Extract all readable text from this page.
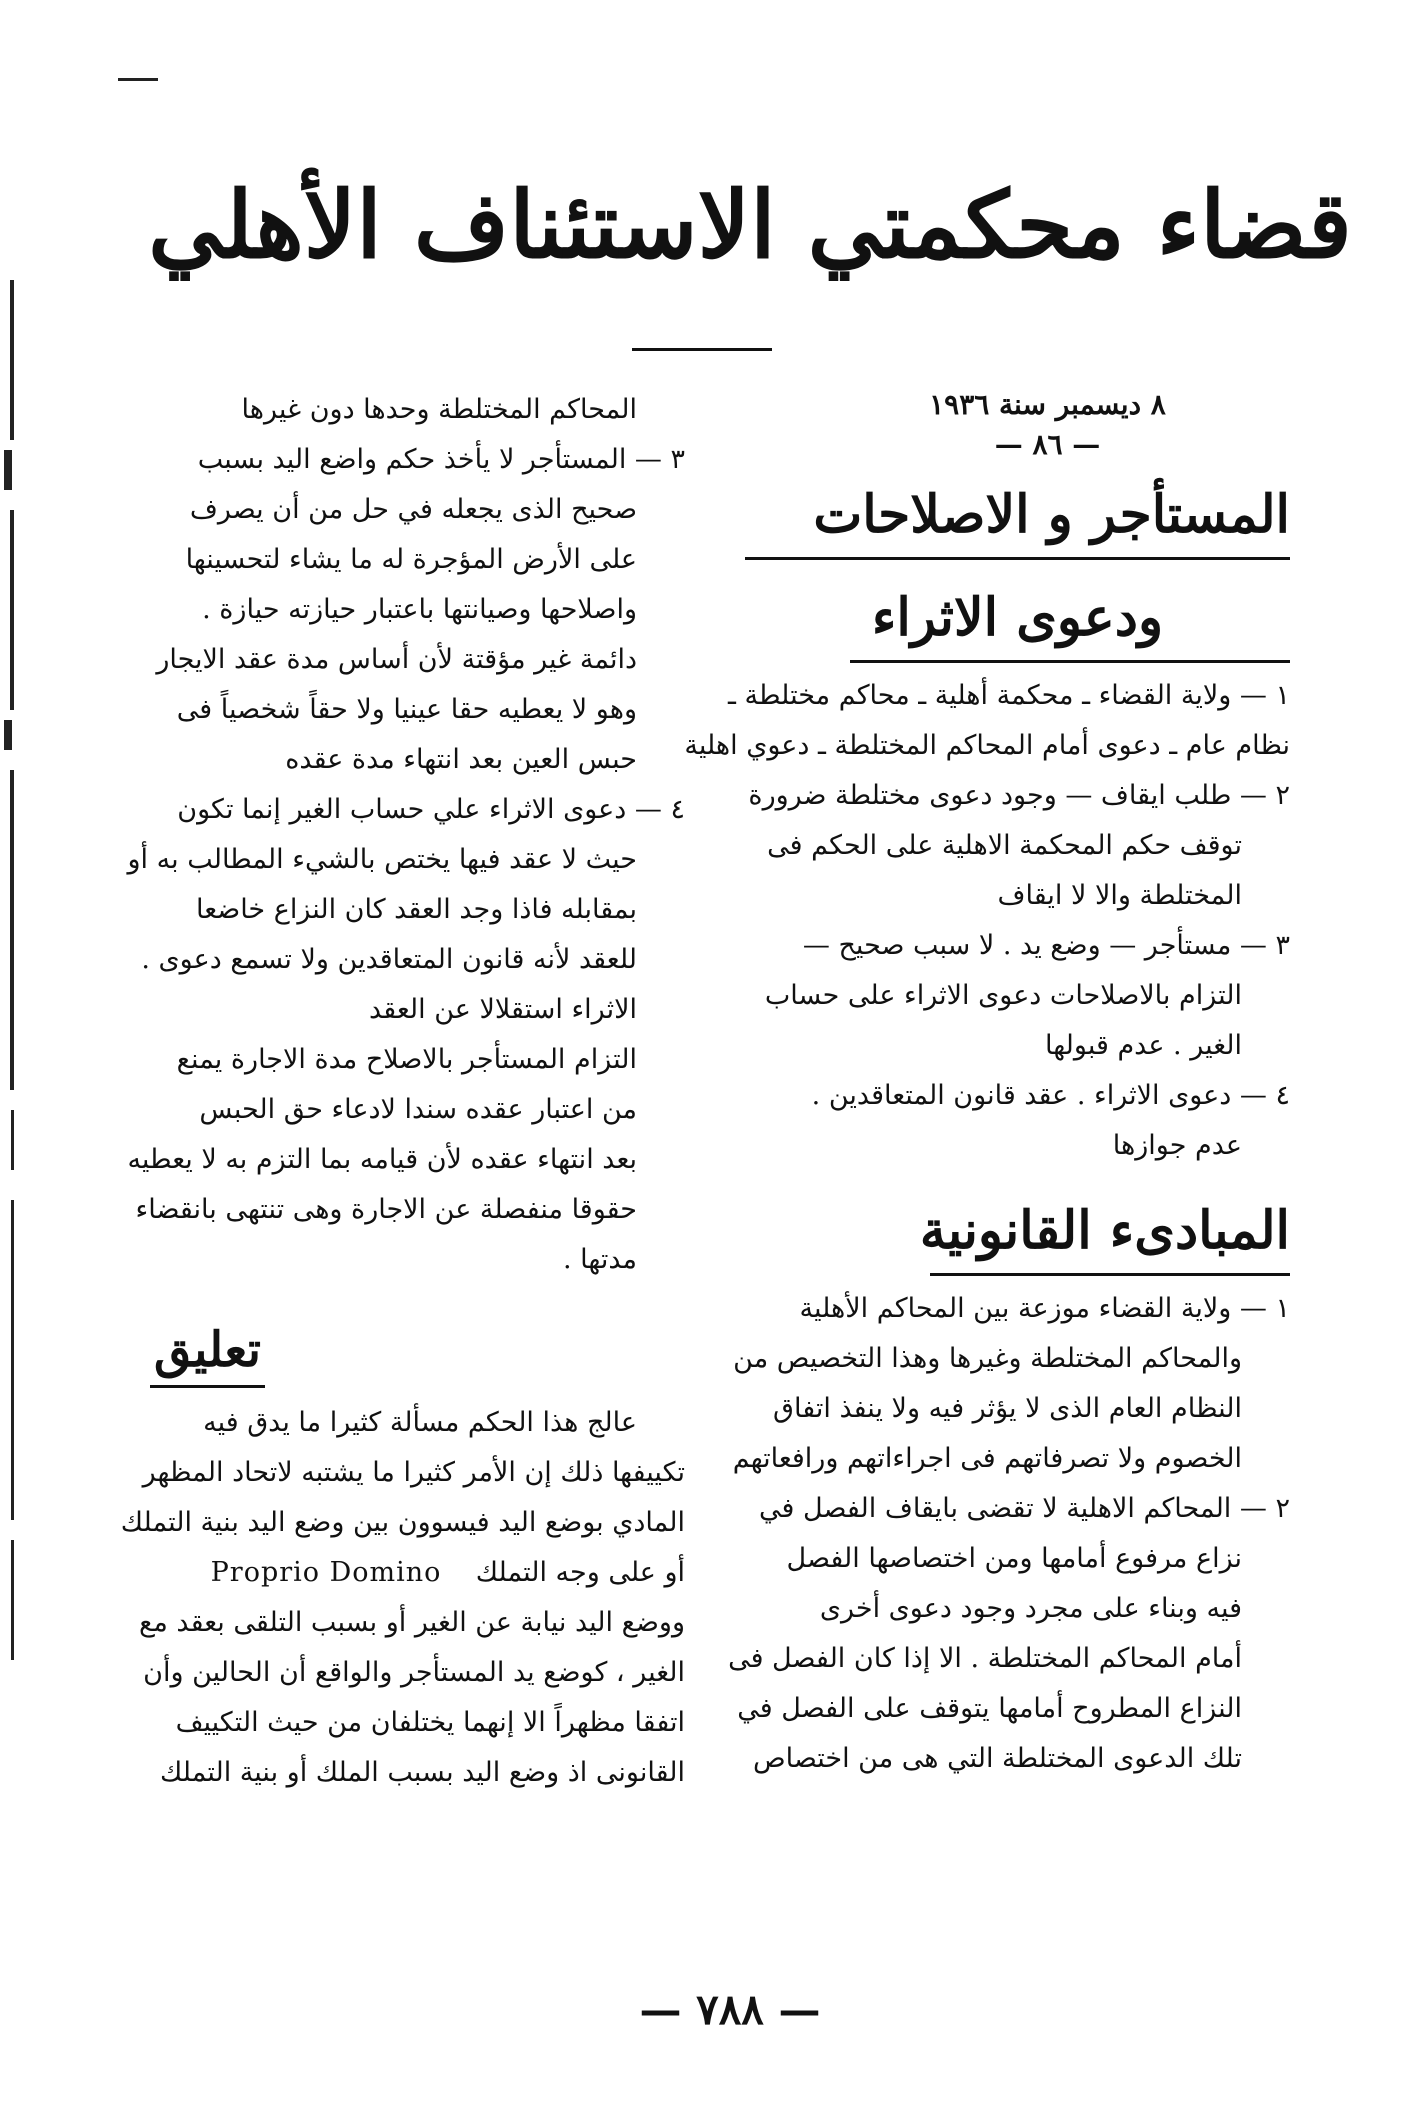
قضاء محكمتي الاستئناف الأهلي
٨ ديسمبر سنة ١٩٣٦
— ٨٦ —
المستأجر و الاصلاحات
ودعوى الاثراء
١ — ولاية القضاء ـ محكمة أهلية ـ محاكم مختلطة ـ
نظام عام ـ دعوى أمام المحاكم المختلطة ـ دعوي اهلية
٢ — طلب ايقاف — وجود دعوى مختلطة ضرورة
توقف حكم المحكمة الاهلية على الحكم فى
المختلطة والا لا ايقاف
٣ — مستأجر — وضع يد . لا سبب صحيح —
التزام بالاصلاحات دعوى الاثراء على حساب
الغير . عدم قبولها
٤ — دعوى الاثراء . عقد قانون المتعاقدين .
عدم جوازها
المبادىء القانونية
١ — ولاية القضاء موزعة بين المحاكم الأهلية
والمحاكم المختلطة وغيرها وهذا التخصيص من
النظام العام الذى لا يؤثر فيه ولا ينفذ اتفاق
الخصوم ولا تصرفاتهم فى اجراءاتهم ورافعاتهم
٢ — المحاكم الاهلية لا تقضى بايقاف الفصل في
نزاع مرفوع أمامها ومن اختصاصها الفصل
فيه وبناء على مجرد وجود دعوى أخرى
أمام المحاكم المختلطة . الا إذا كان الفصل فى
النزاع المطروح أمامها يتوقف على الفصل في
تلك الدعوى المختلطة التي هى من اختصاص
المحاكم المختلطة وحدها دون غيرها
٣ — المستأجر لا يأخذ حكم واضع اليد بسبب
صحيح الذى يجعله في حل من أن يصرف
على الأرض المؤجرة له ما يشاء لتحسينها
واصلاحها وصيانتها باعتبار حيازته حيازة .
دائمة غير مؤقتة لأن أساس مدة عقد الايجار
وهو لا يعطيه حقا عينيا ولا حقاً شخصياً فى
حبس العين بعد انتهاء مدة عقده
٤ — دعوى الاثراء علي حساب الغير إنما تكون
حيث لا عقد فيها يختص بالشيء المطالب به أو
بمقابله فاذا وجد العقد كان النزاع خاضعا
للعقد لأنه قانون المتعاقدين ولا تسمع دعوى .
الاثراء استقلالا عن العقد
التزام المستأجر بالاصلاح مدة الاجارة يمنع
من اعتبار عقده سندا لادعاء حق الحبس
بعد انتهاء عقده لأن قيامه بما التزم به لا يعطيه
حقوقا منفصلة عن الاجارة وهى تنتهى بانقضاء
مدتها .
تعليق
عالج هذا الحكم مسألة كثيرا ما يدق فيه
تكييفها ذلك إن الأمر كثيرا ما يشتبه لاتحاد المظهر
المادي بوضع اليد فيسوون بين وضع اليد بنية التملك
أو على وجه التملك    Proprio Domino
ووضع اليد نيابة عن الغير أو بسبب التلقى بعقد مع
الغير ، كوضع يد المستأجر والواقع أن الحالين وأن
اتفقا مظهراً الا إنهما يختلفان من حيث التكييف
القانونى اذ وضع اليد بسبب الملك أو بنية التملك
— ٧٨٨ —
